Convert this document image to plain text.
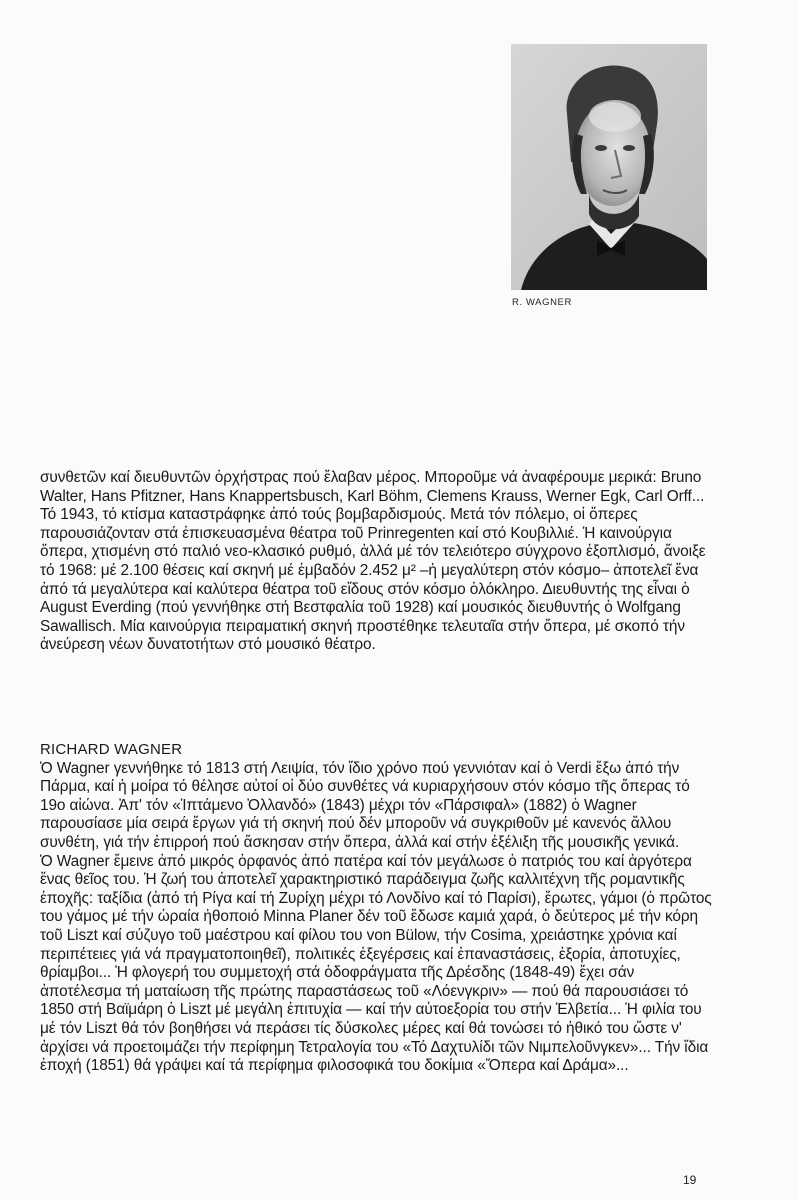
R. WAGNER

συνθετῶν καί διευθυντῶν ὀρχήστρας πού ἔλαβαν μέρος. Μποροῦμε νά ἀναφέρουμε μερικά: Bruno Walter, Hans Pfitzner, Hans Knappertsbusch, Karl Böhm, Clemens Krauss, Werner Egk, Carl Orff... Τό 1943, τό κτίσμα καταστράφηκε ἀπό τούς βομβαρδισμούς. Μετά τόν πόλεμο, οἱ ὄπερες παρουσιάζονταν στά ἐπισκευασμένα θέατρα τοῦ Prinregenten καί στό Κουβιλλιέ. Ἡ καινούργια ὄπερα, χτισμένη στό παλιό νεο-κλασικό ρυθμό, ἀλλά μέ τόν τελειότερο σύγχρονο ἐξοπλισμό, ἄνοιξε τό 1968: μέ 2.100 θέσεις καί σκηνή μέ ἐμβαδόν 2.452 μ² –ἡ μεγαλύτερη στόν κόσμο– ἀποτελεῖ ἕνα ἀπό τά μεγαλύτερα καί καλύτερα θέατρα τοῦ εἴδους στόν κόσμο ὁλόκληρο. Διευθυντής της εἶναι ὁ August Everding (πού γεννήθηκε στή Βεστφαλία τοῦ 1928) καί μουσικός διευθυντής ὁ Wolfgang Sawallisch. Μία καινούργια πειραματική σκηνή προστέθηκε τελευταῖα στήν ὄπερα, μέ σκοπό τήν ἀνεύρεση νέων δυνατοτήτων στό μουσικό θέατρο.

RICHARD WAGNER

Ὁ Wagner γεννήθηκε τό 1813 στή Λειψία, τόν ἴδιο χρόνο πού γεννιόταν καί ὁ Verdi ἔξω ἀπό τήν Πάρμα, καί ἡ μοίρα τό θέλησε αὐτοί οἱ δύο συνθέτες νά κυριαρχήσουν στόν κόσμο τῆς ὄπερας τό 19ο αἰώνα. Ἀπ' τόν «Ἱπτάμενο Ὀλλανδό» (1843) μέχρι τόν «Πάρσιφαλ» (1882) ὁ Wagner παρουσίασε μία σειρά ἔργων γιά τή σκηνή πού δέν μποροῦν νά συγκριθοῦν μέ κανενός ἄλλου συνθέτη, γιά τήν ἐπιρροή πού ἄσκησαν στήν ὄπερα, ἀλλά καί στήν ἐξέλιξη τῆς μουσικῆς γενικά.

Ὁ Wagner ἔμεινε ἀπό μικρός ὀρφανός ἀπό πατέρα καί τόν μεγάλωσε ὁ πατριός του καί ἀργότερα ἕνας θεῖος του. Ἡ ζωή του ἀποτελεῖ χαρακτηριστικό παράδειγμα ζωῆς καλλιτέχνη τῆς ρομαντικῆς ἐποχῆς: ταξίδια (ἀπό τή Ρίγα καί τή Ζυρίχη μέχρι τό Λονδίνο καί τό Παρίσι), ἔρωτες, γάμοι (ὁ πρῶτος του γάμος μέ τήν ὡραία ἠθοποιό Minna Planer δέν τοῦ ἔδωσε καμιά χαρά, ὁ δεύτερος μέ τήν κόρη τοῦ Liszt καί σύζυγο τοῦ μαέστρου καί φίλου του von Bülow, τήν Cosima, χρειάστηκε χρόνια καί περιπέτειες γιά νά πραγματοποιηθεῖ), πολιτικές ἐξεγέρσεις καί ἐπαναστάσεις, ἐξορία, ἀποτυχίες, θρίαμβοι... Ἡ φλογερή του συμμετοχή στά ὁδοφράγματα τῆς Δρέσδης (1848-49) ἔχει σάν ἀποτέλεσμα τή ματαίωση τῆς πρώτης παραστάσεως τοῦ «Λόενγκριν» — πού θά παρουσιάσει τό 1850 στή Βαϊμάρη ὁ Liszt μέ μεγάλη ἐπιτυχία — καί τήν αὐτοεξορία του στήν Ἐλβετία... Ἡ φιλία του μέ τόν Liszt θά τόν βοηθήσει νά περάσει τίς δύσκολες μέρες καί θά τονώσει τό ἠθικό του ὥστε ν' ἀρχίσει νά προετοιμάζει τήν περίφημη Τετραλογία του «Τό Δαχτυλίδι τῶν Νιμπελοῦνγκεν»... Τήν ἴδια ἐποχή (1851) θά γράψει καί τά περίφημα φιλοσοφικά του δοκίμια «Ὄπερα καί Δράμα»...

19
